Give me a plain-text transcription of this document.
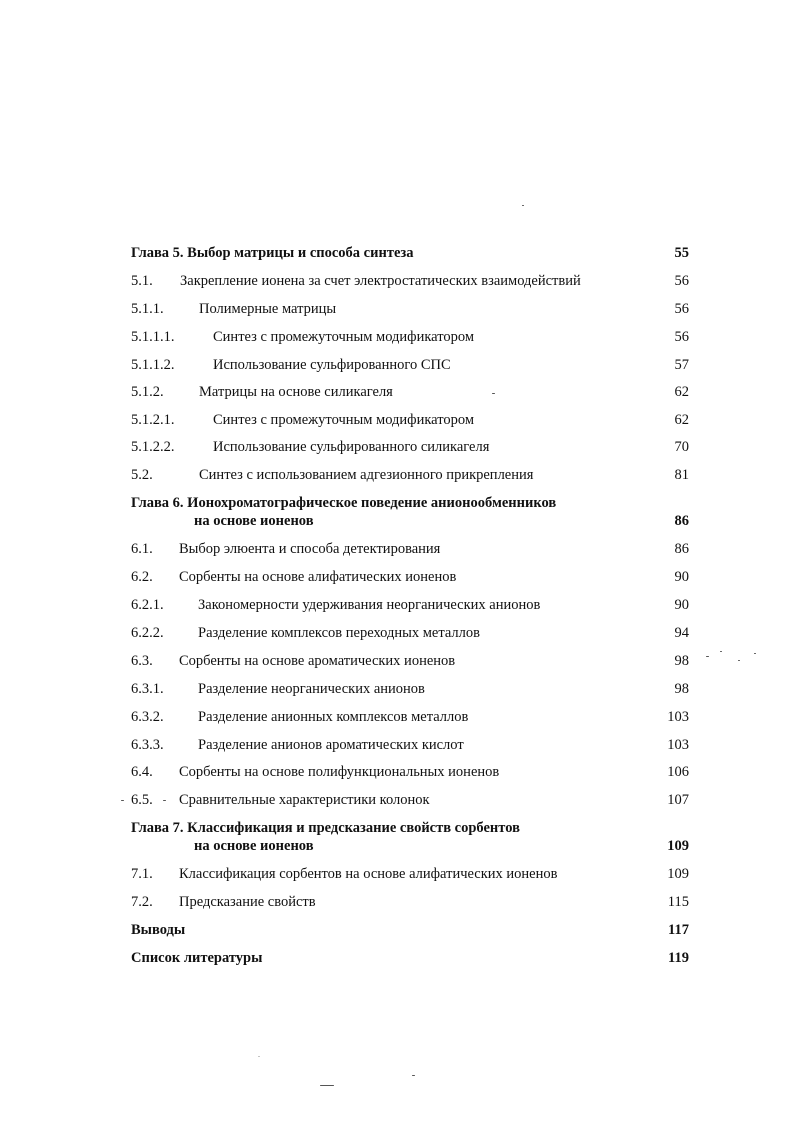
Глава 5. Выбор матрицы и способа синтеза	55
5.1. Закрепление ионена за счет электростатических взаимодействий	56
5.1.1. Полимерные матрицы	56
5.1.1.1.	Синтез с промежуточным модификатором	56
5.1.1.2.	Использование сульфированного СПС	57
5.1.2. Матрицы на основе силикагеля	62
5.1.2.1.	Синтез с промежуточным модификатором	62
5.1.2.2.	Использование сульфированного силикагеля	70
5.2.	Синтез с использованием адгезионного прикрепления	81
Глава 6. Ионохроматографическое поведение анионообменников
на основе ионенов	86
6.1. Выбор элюента и способа детектирования	86
6.2. Сорбенты на основе алифатических ионенов	90
6.2.1. Закономерности удерживания неорганических анионов	90
6.2.2. Разделение комплексов переходных металлов	94
6.3. Сорбенты на основе ароматических ионенов	98
6.3.1. Разделение неорганических анионов	98
6.3.2. Разделение анионных комплексов металлов	103
6.3.3. Разделение анионов ароматических кислот	103
6.4. Сорбенты на основе полифункциональных ионенов	106
6.5. Сравнительные характеристики колонок	107
Глава 7. Классификация и предсказание свойств сорбентов
на основе ионенов	109
7.1. Классификация сорбентов на основе алифатических ионенов	109
7.2. Предсказание свойств	115
Выводы	117
Список литературы	119
